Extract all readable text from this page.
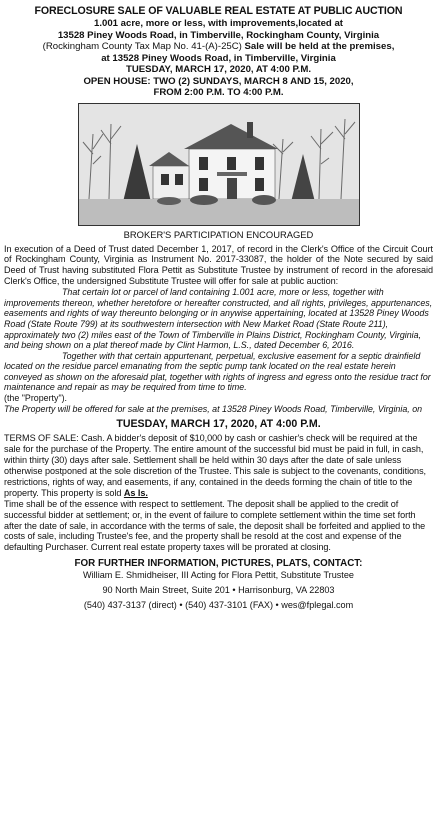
FORECLOSURE SALE OF VALUABLE REAL ESTATE AT PUBLIC AUCTION
1.001 acre, more or less, with improvements,located at
13528 Piney Woods Road, in Timberville, Rockingham County, Virginia
(Rockingham County Tax Map No. 41-(A)-25C) Sale will be held at the premises,
at 13528 Piney Woods Road, in Timberville, Virginia
TUESDAY, MARCH 17, 2020, AT 4:00 P.M.
OPEN HOUSE: TWO (2) SUNDAYS, MARCH 8 AND 15, 2020,
FROM 2:00 P.M. TO 4:00 P.M.
BROKER'S PARTICIPATION ENCOURAGED

In execution of a Deed of Trust dated December 1, 2017, of record in the Clerk's Office of the Circuit Court of Rockingham County, Virginia as Instrument No. 2017-33087, the holder of the Note secured by said Deed of Trust having substituted Flora Pettit as Substitute Trustee by instrument of record in the aforesaid Clerk's Office, the undersigned Substitute Trustee will offer for sale at public auction:

That certain lot or parcel of land containing 1.001 acre, more or less, together with improvements thereon, whether heretofore or hereafter constructed, and all rights, privileges, appurtenances, easements and rights of way thereunto belonging or in anywise appertaining, located at 13528 Piney Woods Road (State Route 799) at its southwestern intersection with New Market Road (State Route 211), approximately two (2) miles east of the Town of Timberville in Plains District, Rockingham County, Virginia, and being shown on a plat thereof made by Clint Harmon, L.S., dated December 6, 2016.

Together with that certain appurtenant, perpetual, exclusive easement for a septic drainfield located on the residue parcel emanating from the septic pump tank located on the real estate herein conveyed as shown on the aforesaid plat, together with rights of ingress and egress onto the residue tract for maintenance and repair as may be required from time to time.

(the "Property").

The Property will be offered for sale at the premises, at 13528 Piney Woods Road, Timberville, Virginia, on

TUESDAY, MARCH 17, 2020, AT 4:00 P.M.

TERMS OF SALE: Cash. A bidder's deposit of $10,000 by cash or cashier's check will be required at the sale for the purchase of the Property. The entire amount of the successful bid must be paid in full, in cash, within thirty (30) days after sale. Settlement shall be held within 30 days after the date of sale unless otherwise postponed at the sole discretion of the Trustee. This sale is subject to the covenants, conditions, restrictions, rights of way, and easements, if any, contained in the deeds forming the chain of title to the property. This property is sold As Is.
Time shall be of the essence with respect to settlement. The deposit shall be applied to the credit of successful bidder at settlement; or, in the event of failure to complete settlement within the time set forth after the date of sale, in accordance with the terms of sale, the deposit shall be forfeited and applied to the costs of sale, including Trustee's fee, and the property shall be resold at the cost and expense of the defaulting Purchaser. Current real estate property taxes will be prorated at closing.

FOR FURTHER INFORMATION, PICTURES, PLATS, CONTACT:
William E. Shmidheiser, III Acting for Flora Pettit, Substitute Trustee
90 North Main Street, Suite 201 • Harrisonburg, VA 22803
(540) 437-3137 (direct) • (540) 437-3101 (FAX) • wes@fplegal.com
